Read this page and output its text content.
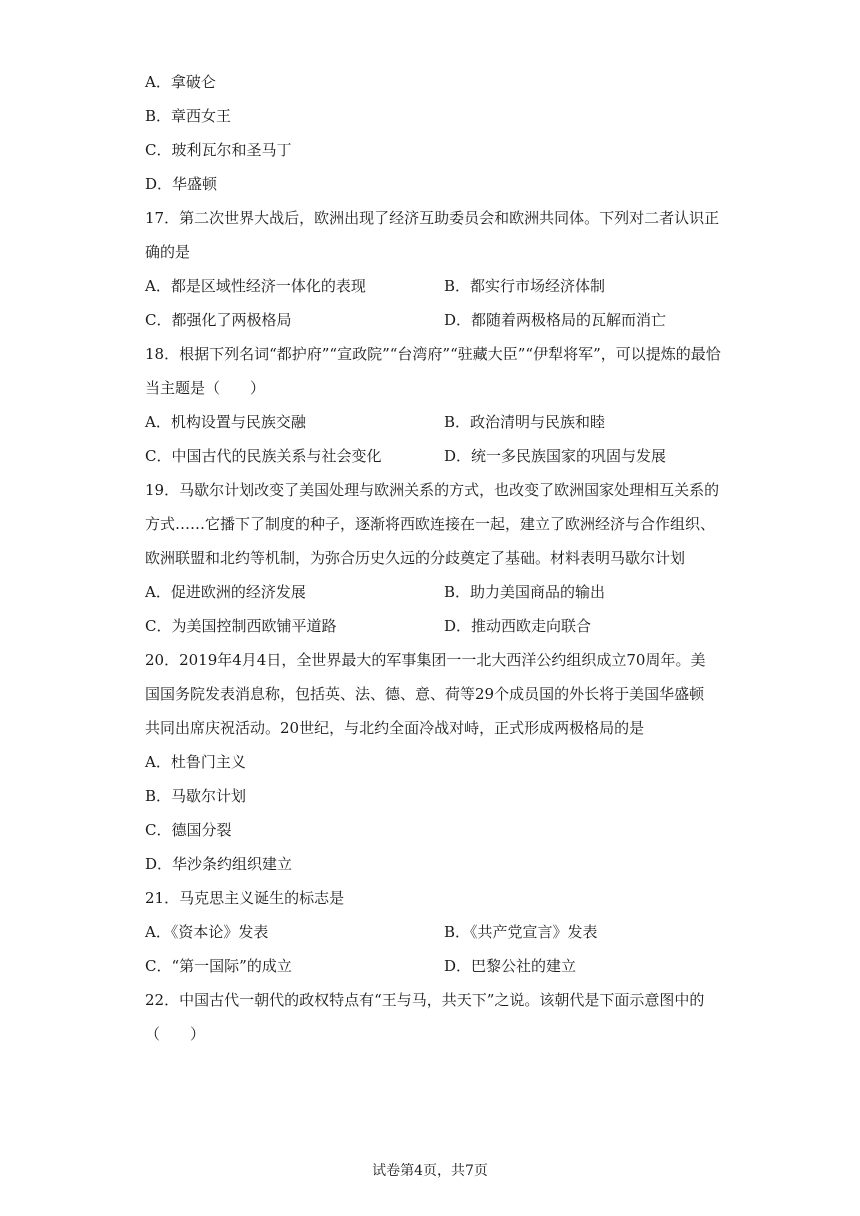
A．拿破仑
B．章西女王
C．玻利瓦尔和圣马丁
D．华盛顿
17．第二次世界大战后，欧洲出现了经济互助委员会和欧洲共同体。下列对二者认识正
确的是
A．都是区域性经济一体化的表现	B．都实行市场经济体制
C．都强化了两极格局	D．都随着两极格局的瓦解而消亡
18．根据下列名词“都护府”“宣政院”“台湾府”“驻藏大臣”“伊犁将军”，可以提炼的最恰
当主题是（　　）
A．机构设置与民族交融	B．政治清明与民族和睦
C．中国古代的民族关系与社会变化	D．统一多民族国家的巩固与发展
19．马歇尔计划改变了美国处理与欧洲关系的方式，也改变了欧洲国家处理相互关系的
方式……它播下了制度的种子，逐渐将西欧连接在一起，建立了欧洲经济与合作组织、
欧洲联盟和北约等机制，为弥合历史久远的分歧奠定了基础。材料表明马歇尔计划
A．促进欧洲的经济发展	B．助力美国商品的输出
C．为美国控制西欧铺平道路	D．推动西欧走向联合
20．2019年4月4日，全世界最大的军事集团一一北大西洋公约组织成立70周年。美
国国务院发表消息称，包括英、法、德、意、荷等29个成员国的外长将于美国华盛顿
共同出席庆祝活动。20世纪，与北约全面冷战对峙，正式形成两极格局的是
A．杜鲁门主义
B．马歇尔计划
C．德国分裂
D．华沙条约组织建立
21．马克思主义诞生的标志是
A．《资本论》发表	B．《共产党宣言》发表
C．“第一国际”的成立	D．巴黎公社的建立
22．中国古代一朝代的政权特点有“王与马，共天下”之说。该朝代是下面示意图中的
（　　）
试卷第4页，共7页
